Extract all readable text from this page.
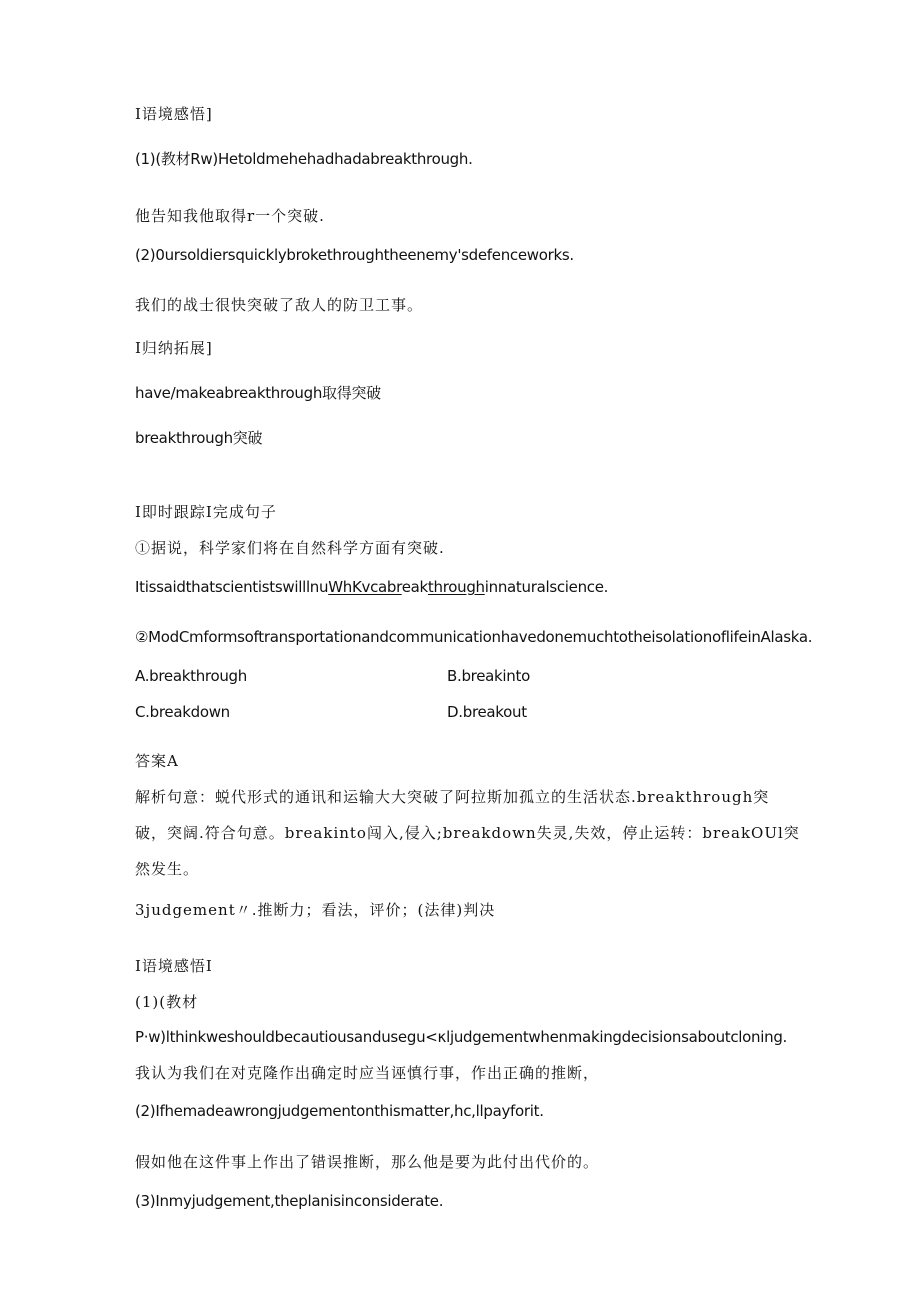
I语境感悟]
(1)(教材Rw)Hetoldmehehadhadabreakthrough.
他告知我他取得r一个突破.
(2)0ursoldiersquicklybrokethroughtheenemy'sdefenceworks.
我们的战士很快突破了敌人的防卫工事。
I归纳拓展]
have/makeabreakthrough取得突破
breakthrough突破
I即时跟踪I完成句子
①据说，科学家们将在自然科学方面有突破.
ItissaidthatscientistswilllnuWhKvcabreakthroughinnaturalscience.
②ModCmformsoftransportationandcommunicationhavedonemuchtotheisolationoflifeinAlaska.
A.breakthrough	B.breakinto
C.breakdown	D.breakout
答案A
解析句意：蜕代形式的通讯和运输大大突破了阿拉斯加孤立的生活状态.breakthrough突
破，突阔.符合句意。breakinto闯入,侵入;breakdown失灵,失效，停止运转：breakOUl突
然发生。
3judgement〃.推断力；看法，评价；(法律)判决
I语境感悟I
(1)(教材
P·w)lthinkweshouldbecautiousandusegu<κljudgementwhenmakingdecisionsaboutcloning.
我认为我们在对克隆作出确定时应当诬慎行事，作出正确的推断，
(2)Ifhemadeawrongjudgementonthismatter,hc,llpayforit.
假如他在这件事上作出了错误推断，那么他是要为此付出代价的。
(3)Inmyjudgement,theplanisinconsiderate.
